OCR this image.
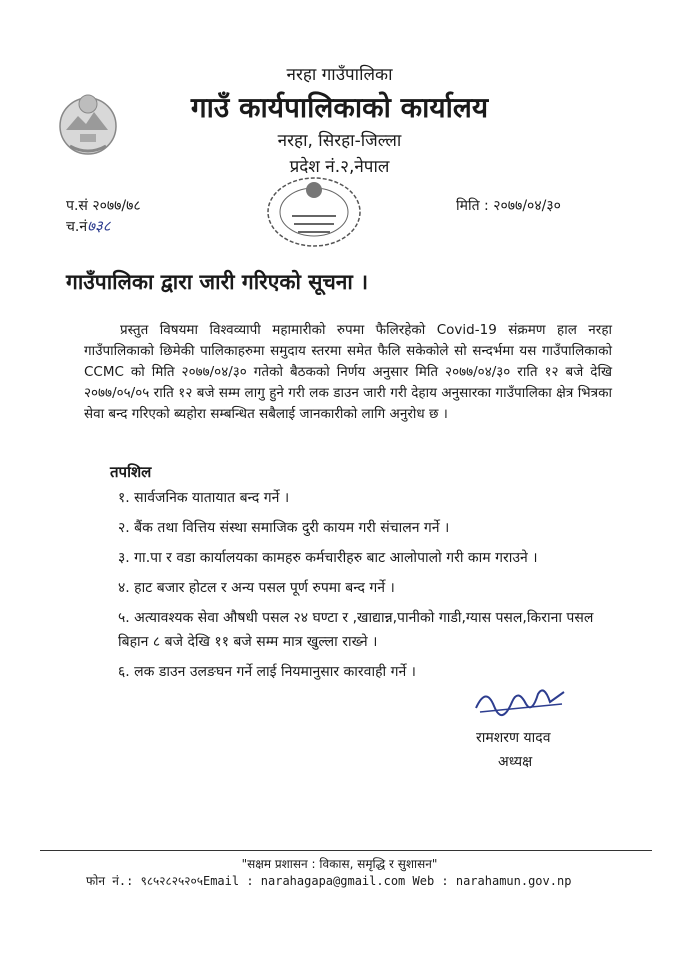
नरहा गाउँपालिका
गाउँ कार्यपालिकाको कार्यालय
नरहा, सिरहा-जिल्ला
प्रदेश नं.२,नेपाल
प.सं २०७७/७८
च.नं७३८
मिति : २०७७/०४/३०
गाउँपालिका द्वारा जारी गरिएको सूचना ।
प्रस्तुत विषयमा विश्वव्यापी महामारीको रुपमा फैलिरहेको Covid-19 संक्रमण हाल नरहा गाउँपालिकाको छिमेकी पालिकाहरुमा समुदाय स्तरमा समेत फैलि सकेकोले सो सन्दर्भमा यस गाउँपालिकाको CCMC को मिति २०७७/०४/३० गतेको बैठकको निर्णय अनुसार मिति २०७७/०४/३० राति १२ बजे देखि २०७७/०५/०५ राति १२ बजे सम्म लागु हुने गरी लक डाउन जारी गरी देहाय अनुसारका गाउँपालिका क्षेत्र भित्रका सेवा बन्द गरिएको ब्यहोरा सम्बन्धित सबैलाई जानकारीको लागि अनुरोध छ ।
तपशिल
१. सार्वजनिक यातायात बन्द गर्ने ।
२. बैंक तथा वित्तिय संस्था समाजिक दुरी कायम गरी संचालन गर्ने ।
३. गा.पा र वडा कार्यालयका कामहरु कर्मचारीहरु बाट आलोपालो गरी काम गराउने ।
४. हाट बजार होटल र अन्य पसल पूर्ण रुपमा बन्द गर्ने ।
५. अत्यावश्यक सेवा औषधी पसल २४ घण्टा र ,खाद्यान्न,पानीको गाडी,ग्यास पसल,किराना पसल बिहान ८ बजे देखि ११ बजे सम्म मात्र खुल्ला राख्ने ।
६. लक डाउन उलङघन गर्ने लाई नियमानुसार कारवाही गर्ने ।
रामशरण यादव
अध्यक्ष
"सक्षम प्रशासन : विकास, समृद्धि र सुशासन"
फोन नं.: ९८५२८२५२०५Email : narahagapa@gmail.com Web : narahamun.gov.np
